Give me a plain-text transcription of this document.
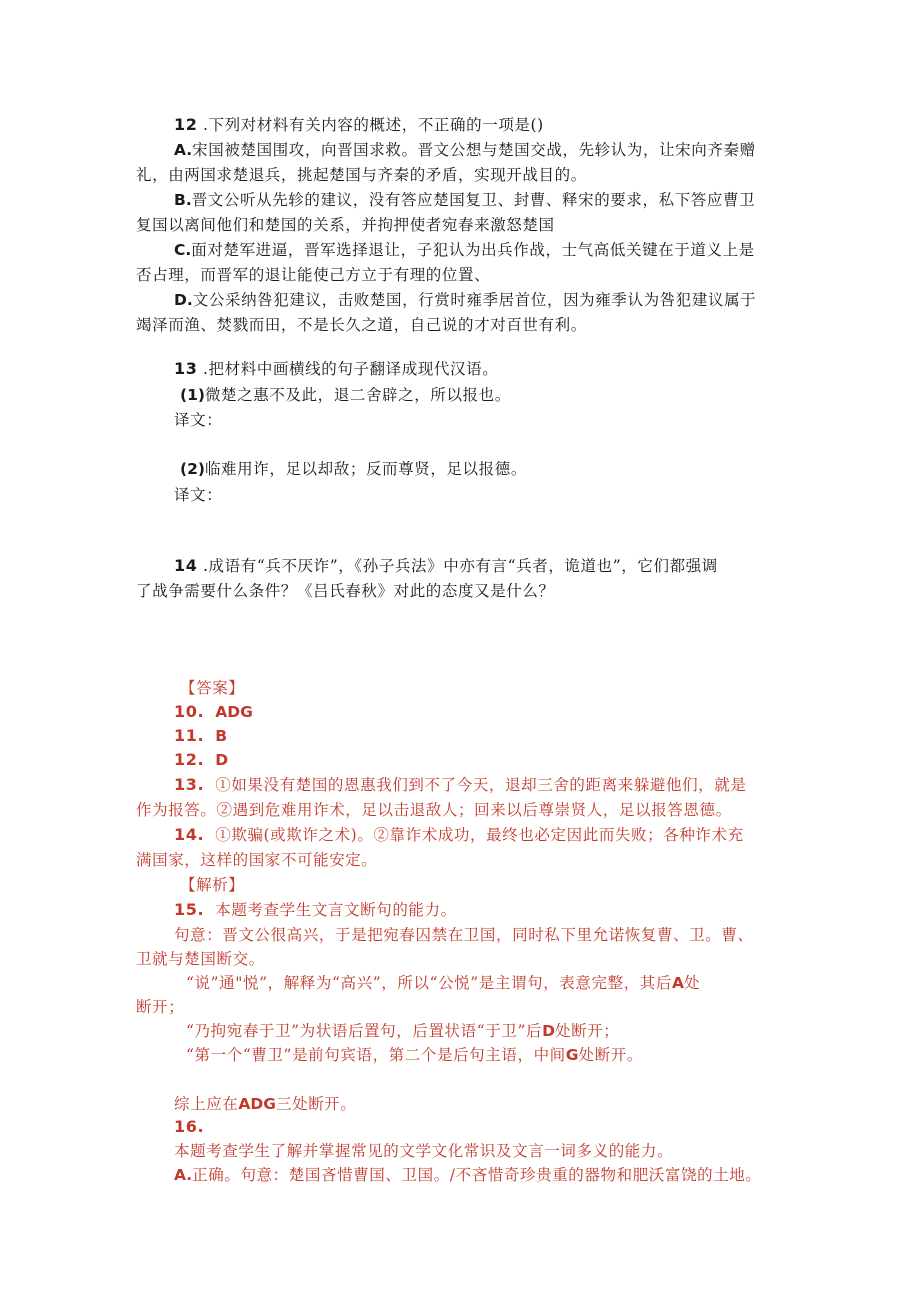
12 .下列对材料有关内容的概述，不正确的一项是()

A.宋国被楚国围攻，向晋国求救。晋文公想与楚国交战，先轸认为，让宋向齐秦赠

礼，由两国求楚退兵，挑起楚国与齐秦的矛盾，实现开战目的。

B.晋文公听从先轸的建议，没有答应楚国复卫、封曹、释宋的要求，私下答应曹卫

复国以离间他们和楚国的关系，并拘押使者宛春来激怒楚国

C.面对楚军进逼，晋军选择退让，子犯认为出兵作战，士气高低关键在于道义上是

否占理，而晋军的退让能使己方立于有理的位置、

D.文公采纳咎犯建议，击败楚国，行赏时雍季居首位，因为雍季认为咎犯建议属于

竭泽而渔、焚戮而田，不是长久之道，自己说的才对百世有利。

13 .把材料中画横线的句子翻译成现代汉语。

(1)微楚之惠不及此，退二舍辟之，所以报也。

译文：

(2)临难用诈，足以却敌；反而尊贤，足以报德。

译文：

14 .成语有“兵不厌诈”，《孙子兵法》中亦有言“兵者，诡道也”，它们都强调

了战争需要什么条件？《吕氏春秋》对此的态度又是什么？

【答案】

10. ADG

11. B

12. D

13. ①如果没有楚国的恩惠我们到不了今天，退却三舍的距离来躲避他们，就是

作为报答。②遇到危难用诈术，足以击退敌人；回来以后尊崇贤人，足以报答恩德。

14. ①欺骗(或欺诈之术)。②靠诈术成功，最终也必定因此而失败；各种诈术充

满国家，这样的国家不可能安定。

【解析】

15. 本题考查学生文言文断句的能力。

句意：晋文公很高兴，于是把宛春囚禁在卫国，同时私下里允诺恢复曹、卫。曹、

卫就与楚国断交。

“说”通"悦”，解释为“高兴”，所以“公悦”是主谓句，表意完整，其后A处

断开；

“乃拘宛春于卫”为状语后置句，后置状语“于卫”后D处断开；

“第一个“曹卫”是前句宾语，第二个是后句主语，中间G处断开。

综上应在ADG三处断开。

16.

本题考查学生了解并掌握常见的文学文化常识及文言一词多义的能力。

A.正确。句意：楚国吝惜曹国、卫国。/不吝惜奇珍贵重的器物和肥沃富饶的土地。
